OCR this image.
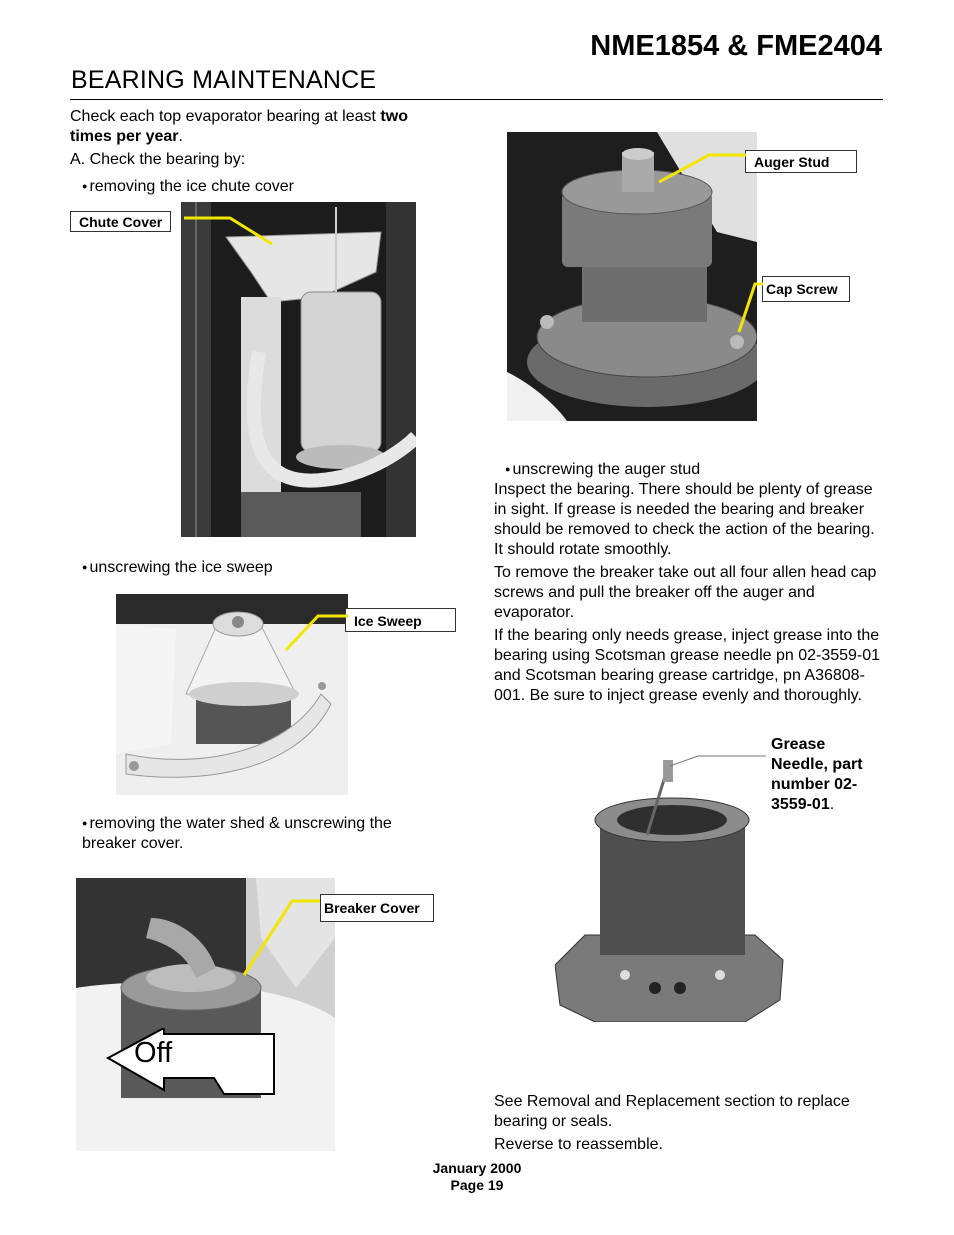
NME1854 & FME2404
BEARING MAINTENANCE
Check each top evaporator bearing at least two times per year.
A. Check the bearing by:
● removing the ice chute cover
Chute Cover
● unscrewing the ice sweep
Ice Sweep
● removing the water shed & unscrewing the breaker cover.
Breaker Cover
Off
Auger Stud
Cap Screw
● unscrewing the auger stud
Inspect the bearing. There should be plenty of grease in sight. If grease is needed the bearing and breaker should be removed to check the action of the bearing. It should rotate smoothly.
To remove the breaker take out all four allen head cap screws and pull the breaker off the auger and evaporator.
If the bearing only needs grease, inject grease into the bearing using Scotsman grease needle pn 02-3559-01 and Scotsman bearing grease cartridge, pn A36808-001. Be sure to inject grease evenly and thoroughly.
Grease Needle, part number 02-3559-01.
See Removal and Replacement section to replace bearing or seals.
Reverse to reassemble.
January 2000
Page 19
